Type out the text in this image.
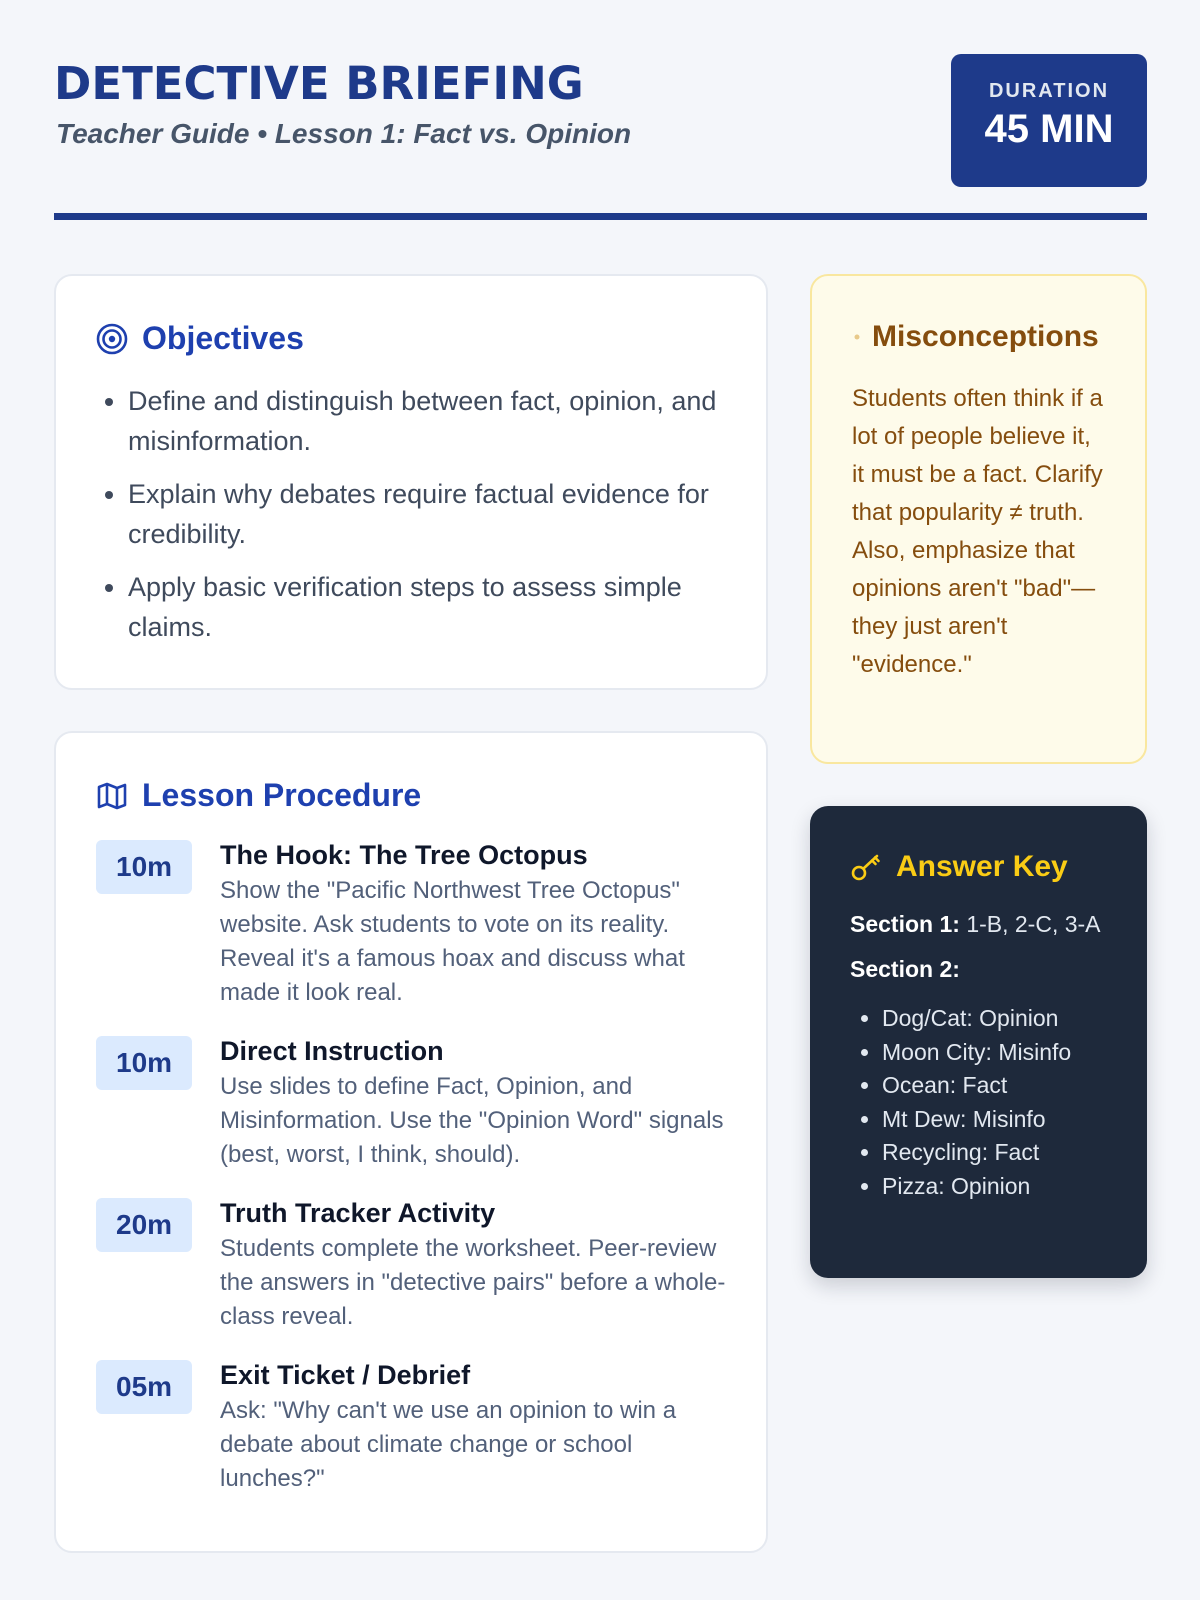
DETECTIVE BRIEFING
Teacher Guide • Lesson 1: Fact vs. Opinion
DURATION
45 MIN
Objectives
• Define and distinguish between fact, opinion, and misinformation.
• Explain why debates require factual evidence for credibility.
• Apply basic verification steps to assess simple claims.
Lesson Procedure
10m	The Hook: The Tree Octopus
Show the "Pacific Northwest Tree Octopus" website. Ask students to vote on its reality. Reveal it's a famous hoax and discuss what made it look real.
10m	Direct Instruction
Use slides to define Fact, Opinion, and Misinformation. Use the "Opinion Word" signals (best, worst, I think, should).
20m	Truth Tracker Activity
Students complete the worksheet. Peer-review the answers in "detective pairs" before a whole-class reveal.
05m	Exit Ticket / Debrief
Ask: "Why can't we use an opinion to win a debate about climate change or school lunches?"
Misconceptions

Students often think if a lot of people believe it, it must be a fact. Clarify that popularity ≠ truth. Also, emphasize that opinions aren't "bad"—they just aren't "evidence."

Answer Key
Section 1: 1-B, 2-C, 3-A
Section 2:
• Dog/Cat: Opinion
• Moon City: Misinfo
• Ocean: Fact
• Mt Dew: Misinfo
• Recycling: Fact
• Pizza: Opinion
